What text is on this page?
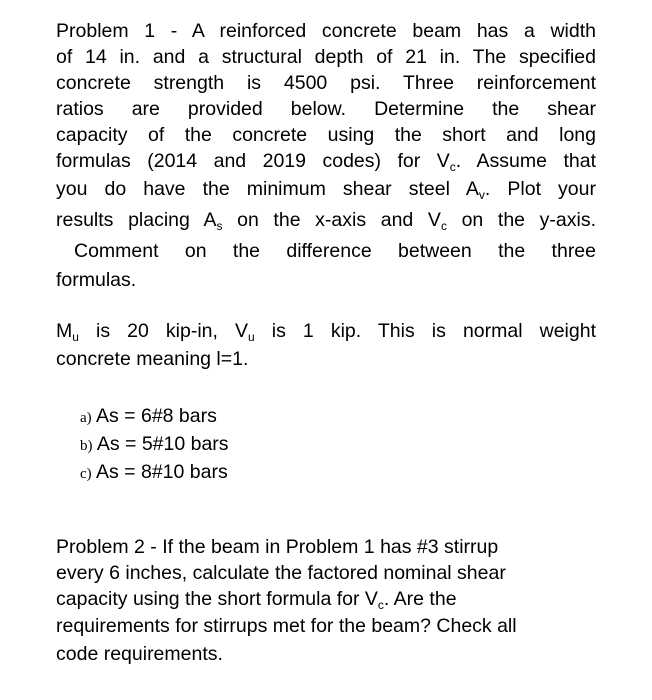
Problem 1 - A reinforced concrete beam has a width
of 14 in. and a structural depth of 21 in. The specified
concrete strength is 4500 psi. Three reinforcement
ratios are provided below. Determine the shear
capacity of the concrete using the short and long
formulas (2014 and 2019 codes) for $V_c$. Assume that
you do have the minimum shear steel $A_v$. Plot your
results placing $A_s$ on the x-axis and $V_c$ on the y-axis.
Comment on the difference between the three
formulas.
$M_u$ is 20 kip-in, $V_u$ is 1 kip. This is normal weight
concrete meaning l=1.
a) As = 6#8 bars
b) As = 5#10 bars
c) As = 8#10 bars
Problem 2 - If the beam in Problem 1 has #3 stirrup
every 6 inches, calculate the factored nominal shear
capacity using the short formula for $V_c$. Are the
requirements for stirrups met for the beam? Check all
code requirements.
